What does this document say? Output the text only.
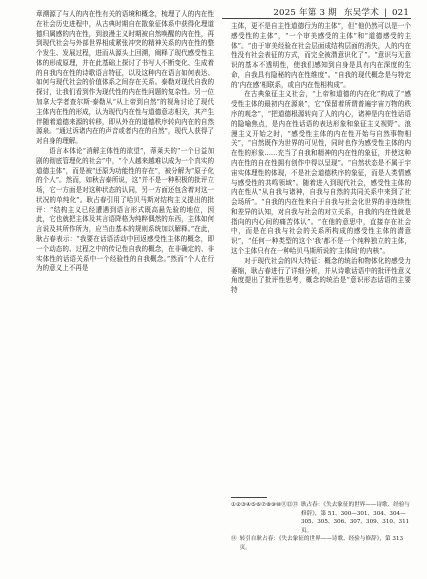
2025 年第 3 期 东吴学术 | 021

章溯源了与人的内在性有关的语境和概念，梳理了人的内在性在社会历史进程中，从古典时期自在散象征体系中获得化理道德归属感的内在性，到浪漫主义时期被自然唤醒的内在性，再到现代社会与外部世界相成紧张冲突的精神关系的内在性的整个发生、发展过程，进而从源头上回溯，阐释了现代感受性主体的形成原理，并在此基础上探讨了书写人不断变化、生成着的自我内在性的诗歌语言特征，以及这种内在语言如何表达、如何与现代社会的价值体系之间存在关系。泰勒对现代自我的探讨，让我们看到作为现代性的内在性问题的复杂性。另一位加拿大学者查尔斯·泰勒从“从上帝到自然”的视角讨论了现代主体内在性的形成，认为现代内在性与道德意志相关，其产生伴随着道德来源的转移，即从外在的道德秩序转向内在的自然源泉。“通过诉诸内在的声音或者内在的自然”，现代人获得了对自身的理解。

语言本体论“消解主体性的欲望”，蒂莱夫的“一个日益加剧的彻底管理化的社会”中，“个人越来越难以成为一个真实的道德主体”，而是被“还原为功能性的存在”，被分解为“原子化的个人”。然而，如秋吉泰所说，这“并不是一种积极的批评立场，它一方面是对这种状态的认同，另一方面还包含着对这一状况的单纯化”。耿占春引用了哈贝马斯对结构主义提出的批评：“结构主义已经遭遇到语言形式既高悬先验的地位，因此，它也就把主体及其言语降格为纯粹偶然的东西，主体如何言说及其所作所为，应当由基本的规则系统加以解释。”在此，耿占春表示：“我要在话语活动中回返感受性主体的概念，即一个动态的、过程之中的传记性自我的概念，在非确定的、非实体性的话语关系中一个经验性的自我概念。”然而“个人在行为的意义上不再是

主体，更不是自主性道德行为的主体”，但“他仍然可以是一个感受性的主体”，“一个审美感受的主体”和“道德感受的主体”。“由于审美经验在社会层面成结构层面的消失，人的内在性没有社会表征的方式，而完全被潜意识化了”。“意识与无意识的基本不透明性，使我们感知到自身是具有内在深度的生命，自我具有隐秘的内在性维度”。“自我的现代概念是与特定的‘内在感’相联系，或自内在性相构成”。

在古典象征主义社会，“上帝和道德的内在化”构成了“感受性主体的最初内在源泉”，它“保留着所谓普遍宇宙万物的秩序的观念”，“把道德根源转向了人的内心，诸神是内在性话语的隐喻焦点，是内在性话语的表达形象和象征主义视野”。浪漫主义开始之时，“感受性主体的内在性开始与自然事物相关”，“自然既作为世界的可见性，同时也作为感受性主体的内在性的形象……充当了自我和精神的内在性的象征，并使这种内在性的自在性拥有创作中得以呈现”。“自然状态是不属于宇宙实体理性的体现，不是社会道德秩序的象征，而是人类情感与感受性的共鸣领域”。随着进入到现代社会，感受性主体的内在性从“从自我与诸神，自我与自然的共同关系中来到了社会场所”。“自我的内在性来自于自我与社会化世界的非连续性和差异的认知，对自我与社会的对立关系，自我的内在性就是指向的内心间的痛苦体认”。“在他的意思中，直接存在社会中，而是在自我与社会的关系所构成的感受性主体的潜意识”，“任何一种类型的这个‘我’都不是一个纯粹独立的主体，这个主体只有在一种哈贝马斯所说的‘主体间’的内核”。

对于现代社会的四大特征：概念的统治和物体化的感受力萎缩，耿占春进行了详细分析，并从诗歌话语中的批评性意义角度提出了批评性思考，概念的统治是“意识形态话语的主要特

①②③④⑤⑥⑦⑧⑨⑩⑪⑫⑬ 耿占春：《失去象征的世界——诗歌、经验与修辞》，第 51、300—301、304、304—305、305、306、307、309、310、311 页。
⑭ 转引自耿占春：《失去象征的世界——诗歌、经验与修辞》，第 313 页。
